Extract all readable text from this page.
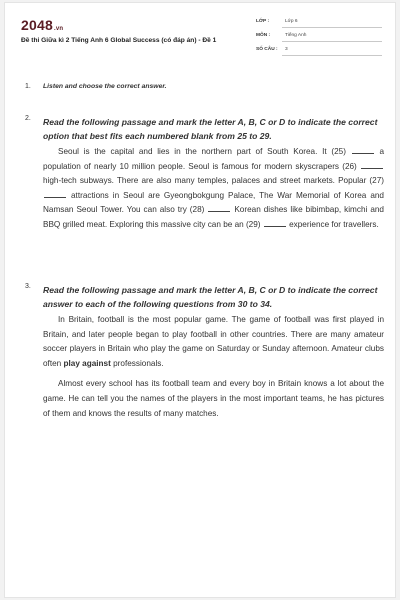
2048.vn
Đề thi Giữa kì 2 Tiếng Anh 6 Global Success (có đáp án) - Đề 1
LỚP :	Lớp 6
MÔN :	Tiếng Anh
SỐ CÂU : 3
1. Listen and choose the correct answer.
2. Read the following passage and mark the letter A, B, C or D to indicate the correct option that best fits each numbered blank from 25 to 29.

Seoul is the capital and lies in the northern part of South Korea. It (25)	a population of nearly 10 million people. Seoul is famous for modern skyscrapers (26)  high-tech subways. There are also many temples, palaces and street markets. Popular (27)  attractions in Seoul are Gyeongbokgung Palace, The War Memorial of Korea and Namsan Seoul Tower. You can also try (28)	Korean dishes like bibimbap, kimchi and BBQ grilled meat. Exploring this massive city can be an (29)	experience for travellers.

3. Read the following passage and mark the letter A, B, C or D to indicate the correct answer to each of the following questions from 30 to 34.

In Britain, football is the most popular game. The game of football was first played in Britain, and later people began to play football in other countries. There are many amateur soccer players in Britain who play the game on Saturday or Sunday afternoon. Amateur clubs often play against professionals.

Almost every school has its football team and every boy in Britain knows a lot about the game. He can tell you the names of the players in the most important teams, he has pictures of them and knows the results of many matches.
